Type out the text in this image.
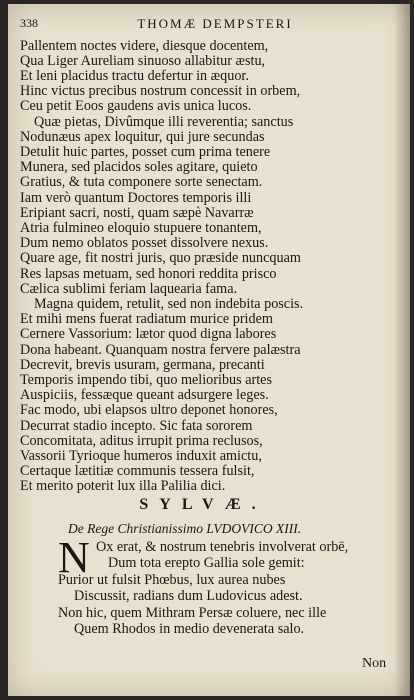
338	THOMÆ DEMPSTERI
Pallentem noctes videre, diesque docentem,
Qua Liger Aureliam sinuoso allabitur æstu,
Et leni placidus tractu defertur in æquor.
Hinc victus precibus nostrum concessit in orbem,
Ceu petit Eoos gaudens avis unica lucos.
Quæ pietas, Divûmque illi reverentia; sanctus
Nodunæus apex loquitur, qui jure secundas
Detulit huic partes, posset cum prima tenere
Munera, sed placidos soles agitare, quieto
Gratius, & tuta componere sorte senectam.
Iam verò quantum Doctores temporis illi
Eripiant sacri, nosti, quam sæpè Navarræ
Atria fulmineo eloquio stupuere tonantem,
Dum nemo oblatos posset dissolvere nexus.
Quare age, fit nostri juris, quo præside nuncquam
Res lapsas metuam, sed honori reddita prisco
Cælica sublimi feriam laquearia fama.
Magna quidem, retulit, sed non indebita poscis.
Et mihi mens fuerat radiatum murice pridem
Cernere Vassorium: lætor quod digna labores
Dona habeant. Quanquam nostra fervere palæstra
Decrevit, brevis usuram, germana, precanti
Temporis impendo tibi, quo melioribus artes
Auspiciis, fessæque queant adsurgere leges.
Fac modo, ubi elapsos ultro deponet honores,
Decurrat stadio incepto. Sic fata sororem
Concomitata, aditus irrupit prima reclusos,
Vassorii Tyrioque humeros induxit amictu,
Certaque lætitiæ communis tessera fulsit,
Et merito poterit lux illa Palilia dici.
SYLVÆ.
De Rege Christianissimo LVDOVICO XIII.
N Ox erat, & nostrum tenebris involverat orbē,
Dum tota erepto Gallia sole gemit:
Purior ut fulsit Phœbus, lux aurea nubes
Discussit, radians dum Ludovicus adest.
Non hic, quem Mithram Persæ coluere, nec ille
Quem Rhodos in medio devenerata salo.
Non
